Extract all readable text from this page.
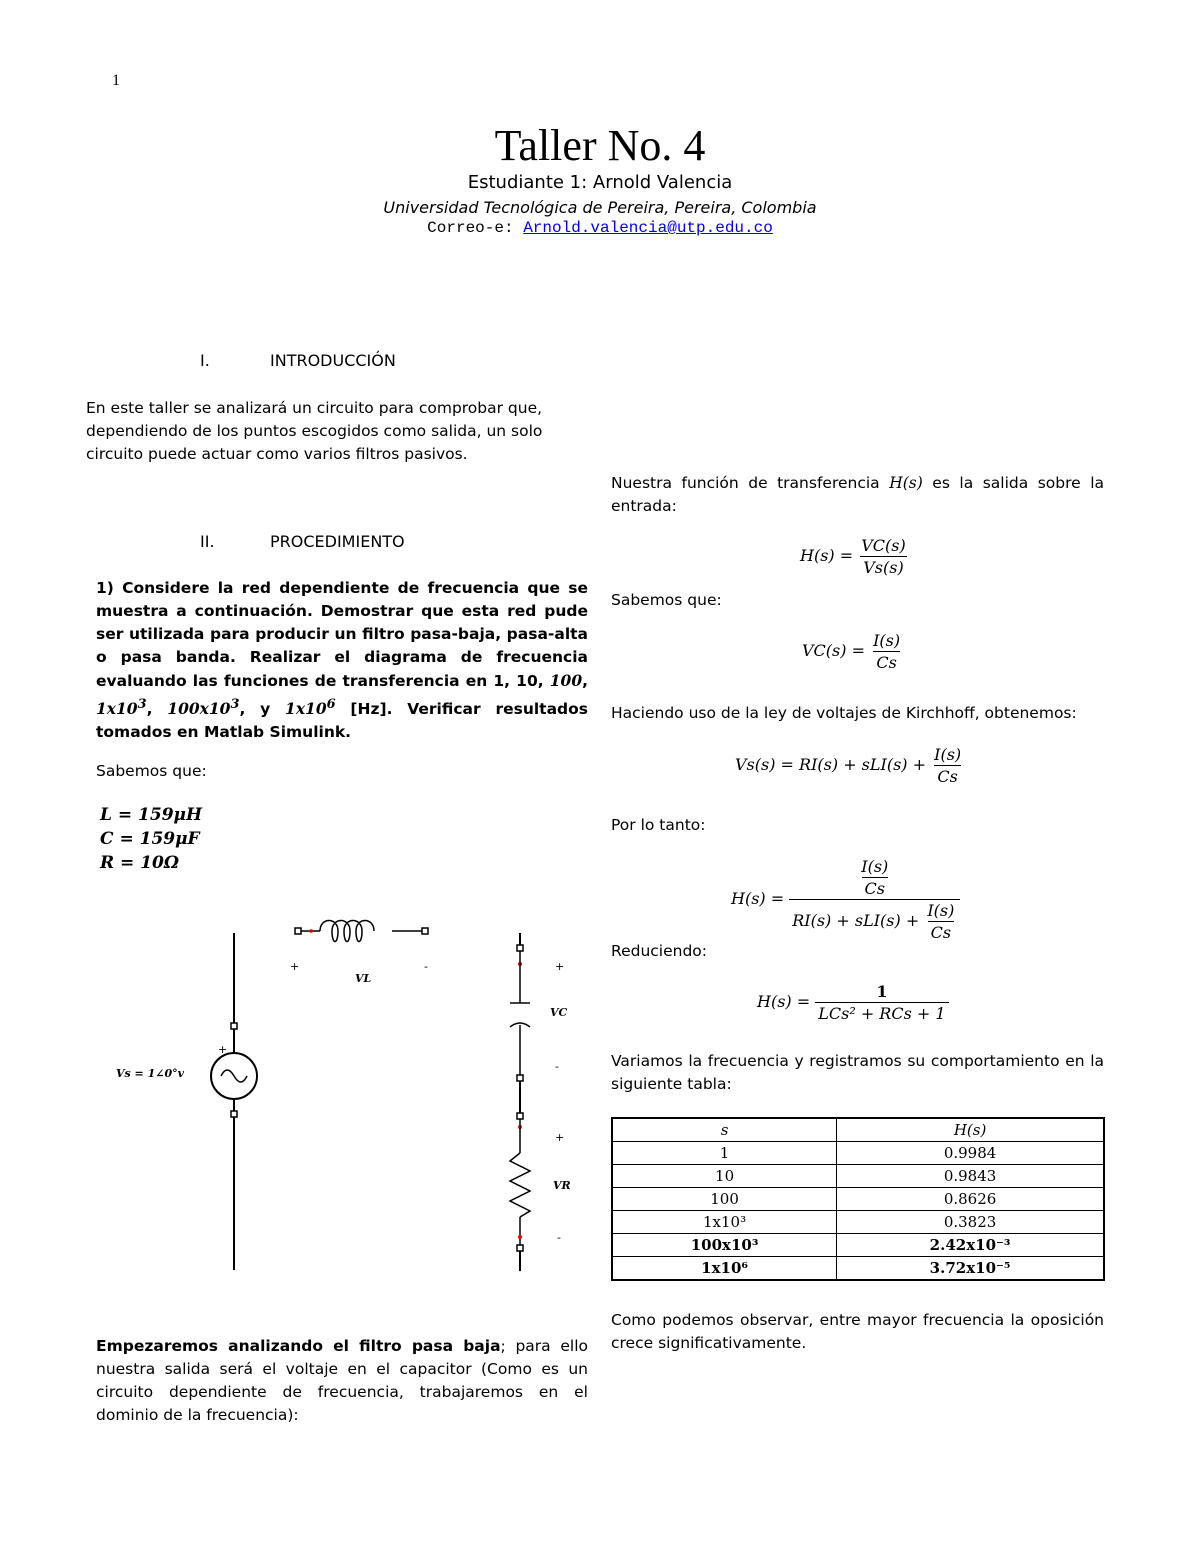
1
Taller No. 4
Estudiante 1: Arnold Valencia
Universidad Tecnológica de Pereira, Pereira, Colombia
Correo-e: Arnold.valencia@utp.edu.co
I.	INTRODUCCIÓN
En este taller se analizará un circuito para comprobar que, dependiendo de los puntos escogidos como salida, un solo circuito puede actuar como varios filtros pasivos.
II.	PROCEDIMIENTO
1) Considere la red dependiente de frecuencia que se muestra a continuación. Demostrar que esta red pude ser utilizada para producir un filtro pasa-baja, pasa-alta o pasa banda. Realizar el diagrama de frecuencia evaluando las funciones de transferencia en 1, 10, 100, $1x10^3$, $100x10^3$, y $1x10^6$ [Hz]. Verificar resultados tomados en Matlab Simulink.
Sabemos que:
L = 159μH
C = 159μF
R = 10Ω
+
+	-	+
-
+
-
Vs = 1∠0°v
VL
VC
VR
Empezaremos analizando el filtro pasa baja; para ello nuestra salida será el voltaje en el capacitor (Como es un circuito dependiente de frecuencia, trabajaremos en el dominio de la frecuencia):
Nuestra función de transferencia H(s) es la salida sobre la entrada:
$H(s) = \frac{VC(s)}{Vs(s)}$
Sabemos que:
$VC(s) = \frac{I(s)}{Cs}$
Haciendo uso de la ley de voltajes de Kirchhoff, obtenemos:
$Vs(s) = RI(s) + sLI(s) + \frac{I(s)}{Cs}$
Por lo tanto:
$H(s) = \frac{\frac{I(s)}{Cs}}{RI(s) + sLI(s) + \frac{I(s)}{Cs}}$
Reduciendo:
$H(s) = \frac{1}{\text{LCs² + RCs + 1}}$
Variamos la frecuencia y registramos su comportamiento en la siguiente tabla:
s	H(s)
1	0.9984
10	0.9843
100	0.8626
1x10³	0.3823
100x10³	2.42x10⁻³
1x10⁶	3.72x10⁻⁵
Como podemos observar, entre mayor frecuencia la oposición crece significativamente.
